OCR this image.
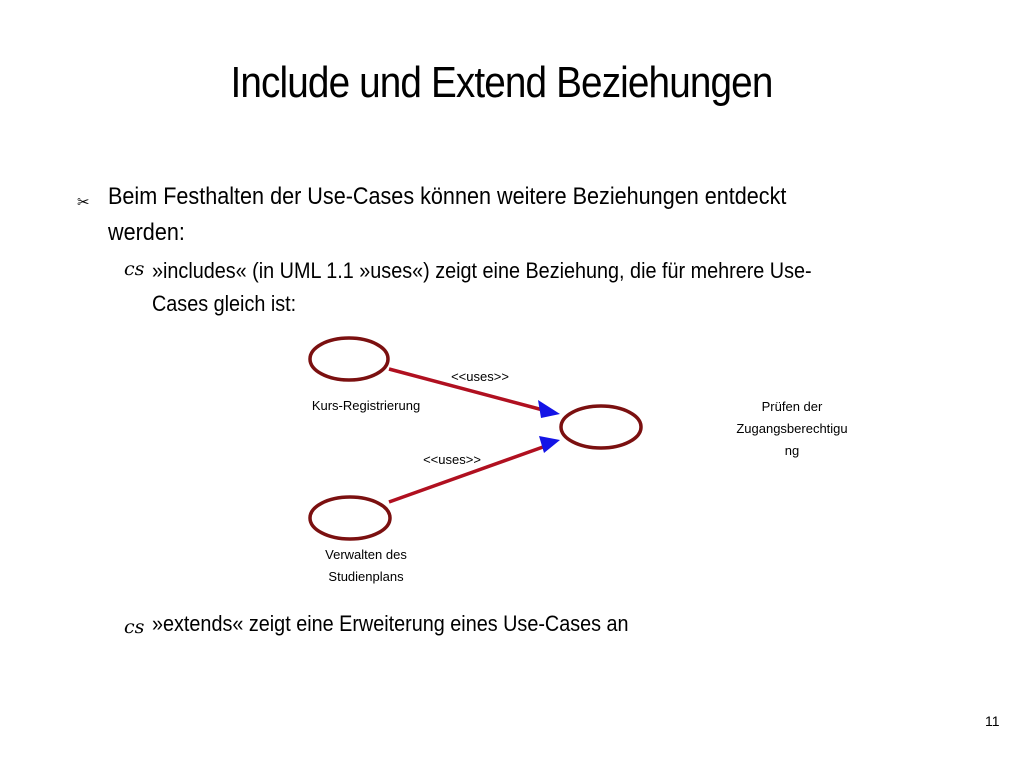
Include und Extend Beziehungen
✂ Beim Festhalten der Use-Cases können weitere Beziehungen entdeckt
werden:
cs »includes« (in UML 1.1 »uses«) zeigt eine Beziehung, die für mehrere Use-
Cases gleich ist:
Kurs-Registrierung
Verwalten des
Studienplans
Prüfen der
Zugangsberechtigu
ng
<<uses>>
<<uses>>
cs »extends« zeigt eine Erweiterung eines Use-Cases an
11
